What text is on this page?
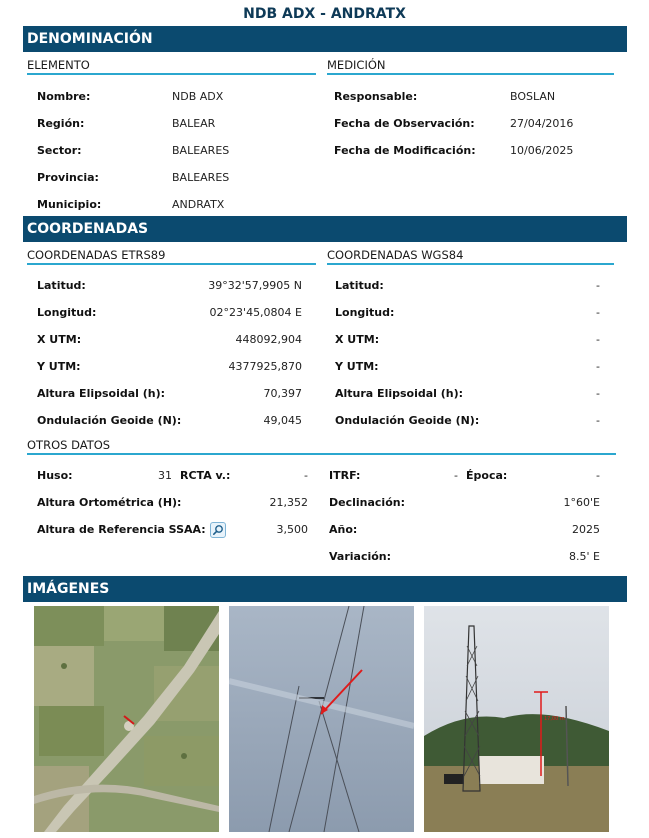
NDB ADX - ANDRATX
DENOMINACIÓN
ELEMENTO	MEDICIÓN
Nombre:	NDB ADX
Región:	BALEAR
Sector:	BALEARES
Provincia:	BALEARES
Municipio:	ANDRATX
Responsable:	BOSLAN
Fecha de Observación:	27/04/2016
Fecha de Modificación:	10/06/2025
COORDENADAS
COORDENADAS ETRS89	COORDENADAS WGS84
Latitud:	39°32'57,9905 N
Longitud:	02°23'45,0804 E
X UTM:	448092,904
Y UTM:	4377925,870
Altura Elipsoidal (h):	70,397
Ondulación Geoide (N):	49,045
Latitud:	-
Longitud:	-
X UTM:	-
Y UTM:	-
Altura Elipsoidal (h):	-
Ondulación Geoide (N):	-
OTROS DATOS
Huso:	31 RCTA v.:	- ITRF:	- Época:	-
Altura Ortométrica (H):	21,352 Declinación:	1°60'E
Altura de Referencia SSAA:	3,500 Año:	2025
Variación:	8.5' E
IMÁGENES
17,00 m
